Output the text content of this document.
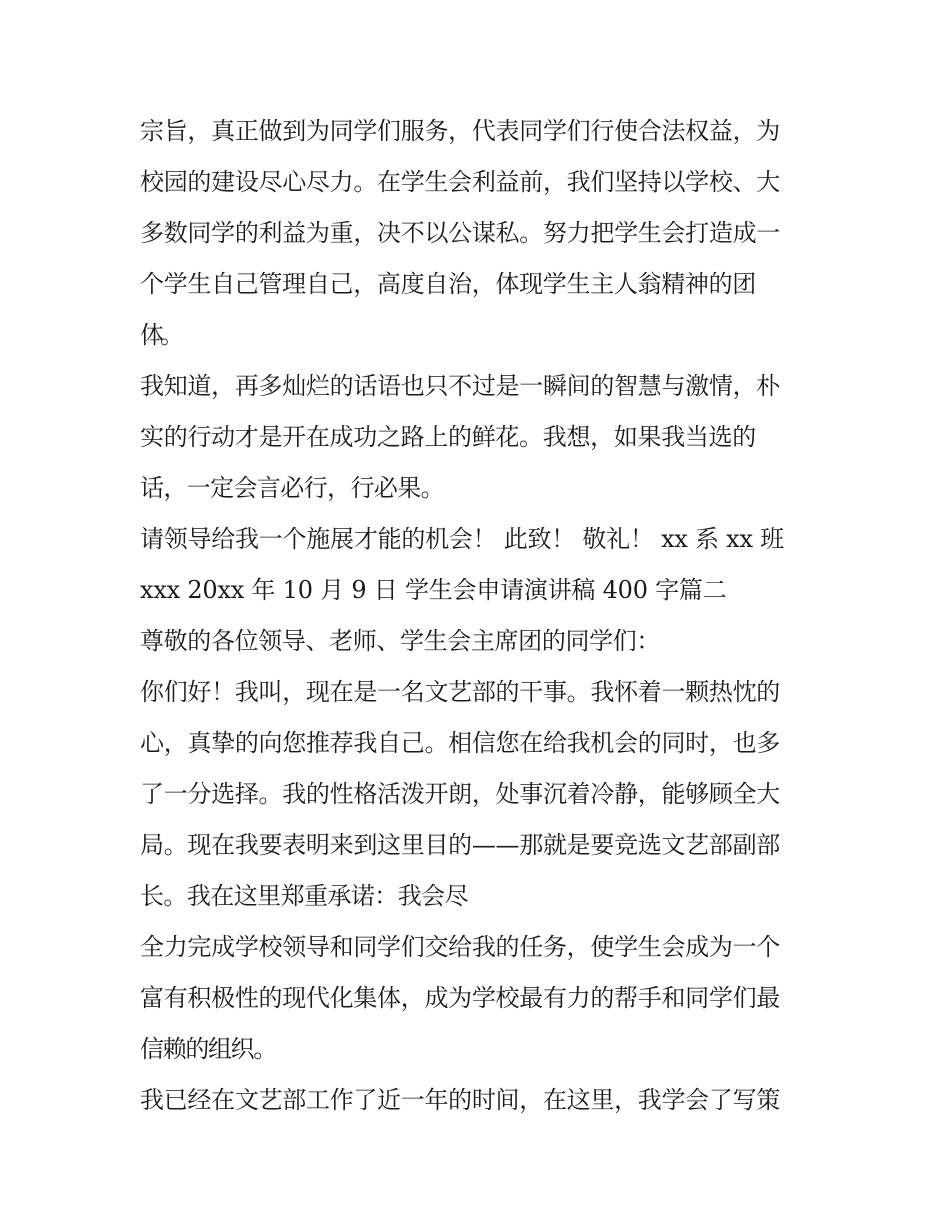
宗旨，真正做到为同学们服务，代表同学们行使合法权益，为
校园的建设尽心尽力。在学生会利益前，我们坚持以学校、大
多数同学的利益为重，决不以公谋私。努力把学生会打造成一
个学生自己管理自己，高度自治，体现学生主人翁精神的团
体。
我知道，再多灿烂的话语也只不过是一瞬间的智慧与激情，朴
实的行动才是开在成功之路上的鲜花。我想，如果我当选的
话，一定会言必行，行必果。
请领导给我一个施展才能的机会！ 此致！ 敬礼！ xx 系 xx 班
xxx 20xx 年 10 月 9 日 学生会申请演讲稿 400 字篇二
尊敬的各位领导、老师、学生会主席团的同学们：
你们好！我叫，现在是一名文艺部的干事。我怀着一颗热忱的
心，真挚的向您推荐我自己。相信您在给我机会的同时，也多
了一分选择。我的性格活泼开朗，处事沉着冷静，能够顾全大
局。现在我要表明来到这里目的——那就是要竞选文艺部副部
长。我在这里郑重承诺：我会尽
全力完成学校领导和同学们交给我的任务，使学生会成为一个
富有积极性的现代化集体，成为学校最有力的帮手和同学们最
信赖的组织。
我已经在文艺部工作了近一年的时间，在这里，我学会了写策
